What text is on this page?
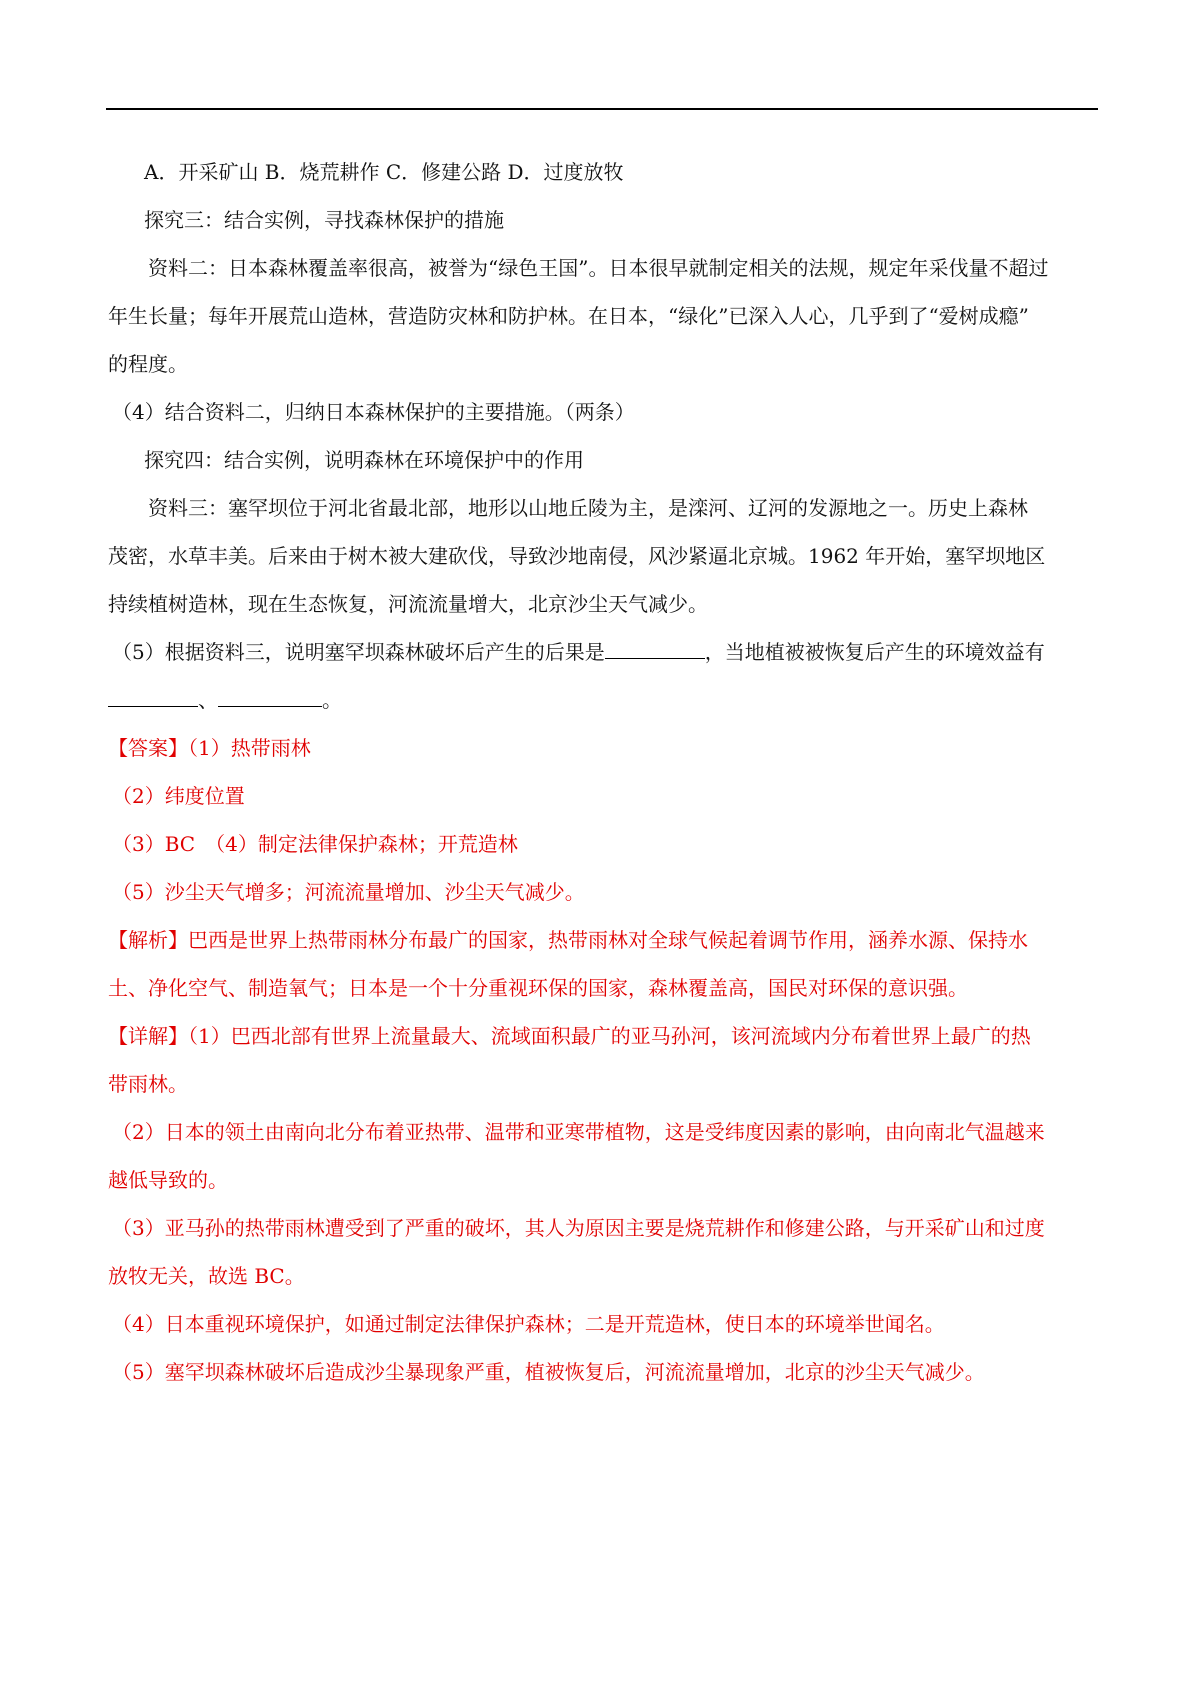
A．开采矿山 B．烧荒耕作 C．修建公路 D．过度放牧
探究三：结合实例，寻找森林保护的措施
资料二：日本森林覆盖率很高，被誉为“绿色王国”。日本很早就制定相关的法规，规定年采伐量不超过
年生长量；每年开展荒山造林，营造防灾林和防护林。在日本，“绿化”已深入人心，几乎到了“爱树成瘾”
的程度。
（4）结合资料二，归纳日本森林保护的主要措施。（两条）
探究四：结合实例，说明森林在环境保护中的作用
资料三：塞罕坝位于河北省最北部，地形以山地丘陵为主，是滦河、辽河的发源地之一。历史上森林
茂密，水草丰美。后来由于树木被大建砍伐，导致沙地南侵，风沙紧逼北京城。1962 年开始，塞罕坝地区
持续植树造林，现在生态恢复，河流流量增大，北京沙尘天气减少。
（5）根据资料三，说明塞罕坝森林破坏后产生的后果是	，当地植被被恢复后产生的环境效益有
、	。
【答案】（1）热带雨林
（2）纬度位置
（3）BC　（4）制定法律保护森林；开荒造林
（5）沙尘天气增多；河流流量增加、沙尘天气减少。
【解析】巴西是世界上热带雨林分布最广的国家，热带雨林对全球气候起着调节作用，涵养水源、保持水
土、净化空气、制造氧气；日本是一个十分重视环保的国家，森林覆盖高，国民对环保的意识强。
【详解】（1）巴西北部有世界上流量最大、流域面积最广的亚马孙河，该河流域内分布着世界上最广的热
带雨林。
（2）日本的领土由南向北分布着亚热带、温带和亚寒带植物，这是受纬度因素的影响，由向南北气温越来
越低导致的。
（3）亚马孙的热带雨林遭受到了严重的破坏，其人为原因主要是烧荒耕作和修建公路，与开采矿山和过度
放牧无关，故选 BC。
（4）日本重视环境保护，如通过制定法律保护森林；二是开荒造林，使日本的环境举世闻名。
（5）塞罕坝森林破坏后造成沙尘暴现象严重，植被恢复后，河流流量增加，北京的沙尘天气减少。
